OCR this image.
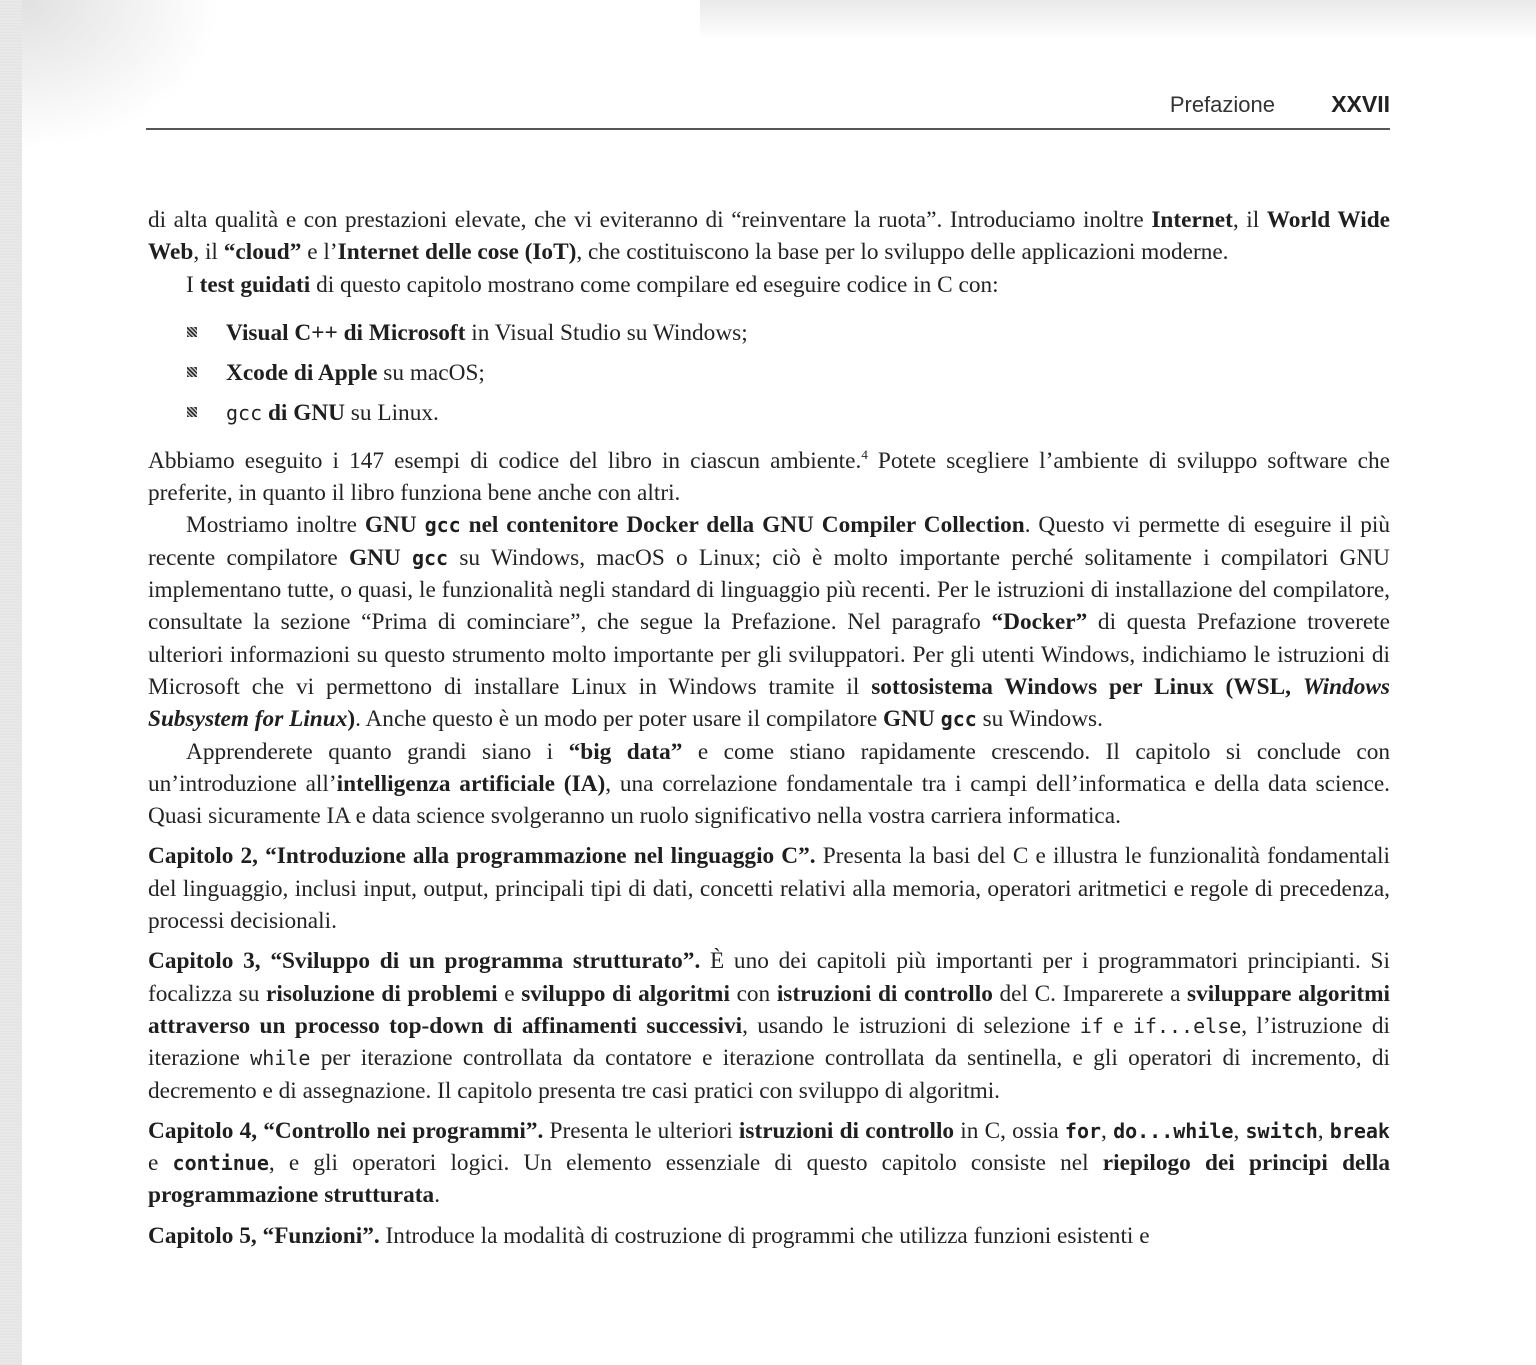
Prefazione XXVII

di alta qualità e con prestazioni elevate, che vi eviteranno di “reinventare la ruota”. Introduciamo inoltre Internet, il World Wide Web, il “cloud” e l’Internet delle cose (IoT), che costituiscono la base per lo sviluppo delle applicazioni moderne.

I test guidati di questo capitolo mostrano come compilare ed eseguire codice in C con:

Visual C++ di Microsoft in Visual Studio su Windows;
Xcode di Apple su macOS;
gcc di GNU su Linux.

Abbiamo eseguito i 147 esempi di codice del libro in ciascun ambiente.$^4$ Potete scegliere l’ambiente di sviluppo software che preferite, in quanto il libro funziona bene anche con altri.

Mostriamo inoltre GNU gcc nel contenitore Docker della GNU Compiler Collection. Questo vi permette di eseguire il più recente compilatore GNU gcc su Windows, macOS o Linux; ciò è molto importante perché solitamente i compilatori GNU implementano tutte, o quasi, le funzionalità negli standard di linguaggio più recenti. Per le istruzioni di installazione del compilatore, consultate la sezione “Prima di cominciare”, che segue la Prefazione. Nel paragrafo “Docker” di questa Prefazione troverete ulteriori informazioni su questo strumento molto importante per gli sviluppatori. Per gli utenti Windows, indichiamo le istruzioni di Microsoft che vi permettono di installare Linux in Windows tramite il sottosistema Windows per Linux (WSL, Windows Subsystem for Linux). Anche questo è un modo per poter usare il compilatore GNU gcc su Windows.

Apprenderete quanto grandi siano i “big data” e come stiano rapidamente crescendo. Il capitolo si conclude con un’introduzione all’intelligenza artificiale (IA), una correlazione fondamentale tra i campi dell’informatica e della data science. Quasi sicuramente IA e data science svolgeranno un ruolo significativo nella vostra carriera informatica.

Capitolo 2, “Introduzione alla programmazione nel linguaggio C”. Presenta la basi del C e illustra le funzionalità fondamentali del linguaggio, inclusi input, output, principali tipi di dati, concetti relativi alla memoria, operatori aritmetici e regole di precedenza, processi decisionali.

Capitolo 3, “Sviluppo di un programma strutturato”. È uno dei capitoli più importanti per i programmatori principianti. Si focalizza su risoluzione di problemi e sviluppo di algoritmi con istruzioni di controllo del C. Imparerete a sviluppare algoritmi attraverso un processo top-down di affinamenti successivi, usando le istruzioni di selezione if e if...else, l’istruzione di iterazione while per iterazione controllata da contatore e iterazione controllata da sentinella, e gli operatori di incremento, di decremento e di assegnazione. Il capitolo presenta tre casi pratici con sviluppo di algoritmi.

Capitolo 4, “Controllo nei programmi”. Presenta le ulteriori istruzioni di controllo in C, ossia for, do...while, switch, break e continue, e gli operatori logici. Un elemento essenziale di questo capitolo consiste nel riepilogo dei principi della programmazione strutturata.

Capitolo 5, “Funzioni”. Introduce la modalità di costruzione di programmi che utilizza funzioni esistenti e
